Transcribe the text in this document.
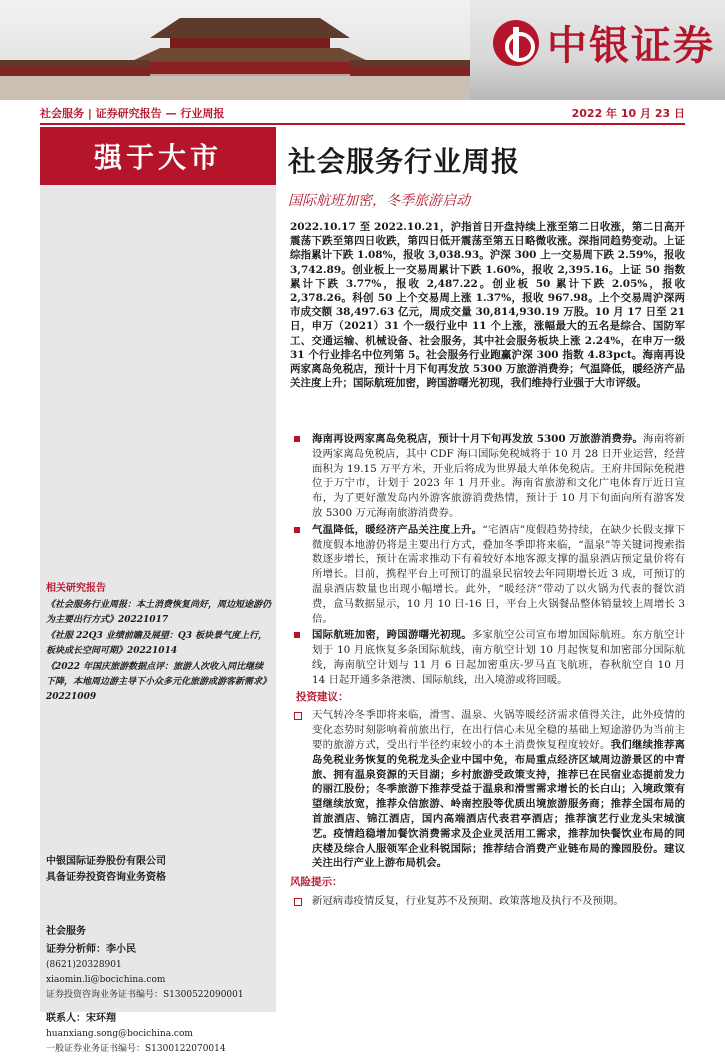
中银证券
社会服务 | 证券研究报告 — 行业周报	2022 年 10 月 23 日
强于大市
相关研究报告

《社会服务行业周报：本土消费恢复尚好，周边短途游仍为主要出行方式》20221017

《社服 22Q3 业绩前瞻及展望：Q3 板块景气度上行，板块成长空间可期》20221014

《2022 年国庆旅游数据点评：旅游人次收入同比继续下降，本地周边游主导下小众多元化旅游成游客新需求》20221009

中银国际证券股份有限公司
具备证券投资咨询业务资格
社会服务
证券分析师：李小民
(8621)20328901
xiaomin.li@bocichina.com
证券投资咨询业务证书编号：S1300522090001
联系人：宋环翔
huanxiang.song@bocichina.com
一般证券业务证书编号：S1300122070014
社会服务行业周报
国际航班加密，冬季旅游启动
2022.10.17 至 2022.10.21，沪指首日开盘持续上涨至第二日收涨，第二日高开震荡下跌至第四日收跌，第四日低开震荡至第五日略微收涨。深指同趋势变动。上证综指累计下跌 1.08%，报收 3,038.93。沪深 300 上一交易周下跌 2.59%，报收 3,742.89。创业板上一交易周累计下跌 1.60%，报收 2,395.16。上证 50 指数累计下跌 3.77%，报收 2,487.22。创业板 50 累计下跌 2.05%，报收 2,378.26。科创 50 上个交易周上涨 1.37%，报收 967.98。上个交易周沪深两市成交额 38,497.63 亿元，周成交量 30,814,930.19 万股。10 月 17 日至 21 日，申万（2021）31 个一级行业中 11 个上涨，涨幅最大的五名是综合、国防军工、交通运输、机械设备、社会服务，其中社会服务板块上涨 2.24%，在申万一级 31 个行业排名中位列第 5。社会服务行业跑赢沪深 300 指数 4.83pct。海南再设两家离岛免税店，预计十月下旬再发放 5300 万旅游消费券；气温降低，暖经济产品关注度上升；国际航班加密，跨国游曙光初现，我们维持行业强于大市评级。
海南再设两家离岛免税店，预计十月下旬再发放 5300 万旅游消费券。海南将新设两家离岛免税店，其中 CDF 海口国际免税城将于 10 月 28 日开业运营，经营面积为 19.15 万平方米，开业后将成为世界最大单体免税店。王府井国际免税港位于万宁市，计划于 2023 年 1 月开业。海南省旅游和文化广电体育厅近日宣布，为了更好激发岛内外游客旅游消费热情，预计于 10 月下旬面向所有游客发放 5300 万元海南旅游消费券。
气温降低，暖经济产品关注度上升。“宅酒店”度假趋势持续，在缺少长假支撑下微度假本地游仍将是主要出行方式，叠加冬季即将来临，“温泉”等关键词搜索指数逐步增长，预计在需求推动下有着较好本地客源支撑的温泉酒店预定量价将有所增长。目前，携程平台上可预订的温泉民宿较去年同期增长近 3 成，可预订的温泉酒店数量也出现小幅增长。此外，“暖经济”带动了以火锅为代表的餐饮消费，盒马数据显示，10 月 10 日-16 日，平台上火锅餐品整体销量较上周增长 3 倍。
国际航班加密，跨国游曙光初现。多家航空公司宣布增加国际航班。东方航空计划于 10 月底恢复多条国际航线，南方航空计划 10 月起恢复和加密部分国际航线，海南航空计划与 11 月 6 日起加密重庆-罗马直飞航班，春秋航空自 10 月 14 日起开通多条港澳、国际航线，出入境游或将回暖。
投资建议：
天气转冷冬季即将来临，滑雪、温泉、火锅等暖经济需求值得关注，此外疫情的变化态势时刻影响着前旅出行，在出行信心未见全稳的基础上短途游仍为当前主要的旅游方式，受出行半径约束较小的本土消费恢复程度较好。我们继续推荐离岛免税业务恢复的免税龙头企业中国中免，布局重点经济区域周边游景区的中青旅、拥有温泉资源的天目湖；乡村旅游受政策支持，推荐已在民宿业态提前发力的丽江股份；冬季旅游下推荐受益于温泉和滑雪需求增长的长白山；入境政策有望继续放宽，推荐众信旅游、岭南控股等优质出境旅游服务商；推荐全国布局的首旅酒店、锦江酒店，国内高端酒店代表君亭酒店；推荐演艺行业龙头宋城演艺。疫情趋稳增加餐饮消费需求及企业灵活用工需求，推荐加快餐饮业布局的同庆楼及综合人服领军企业科锐国际；推荐结合消费产业链布局的豫园股份。建议关注出行产业上游布局机会。
风险提示：
新冠病毒疫情反复，行业复苏不及预期、政策落地及执行不及预期。
